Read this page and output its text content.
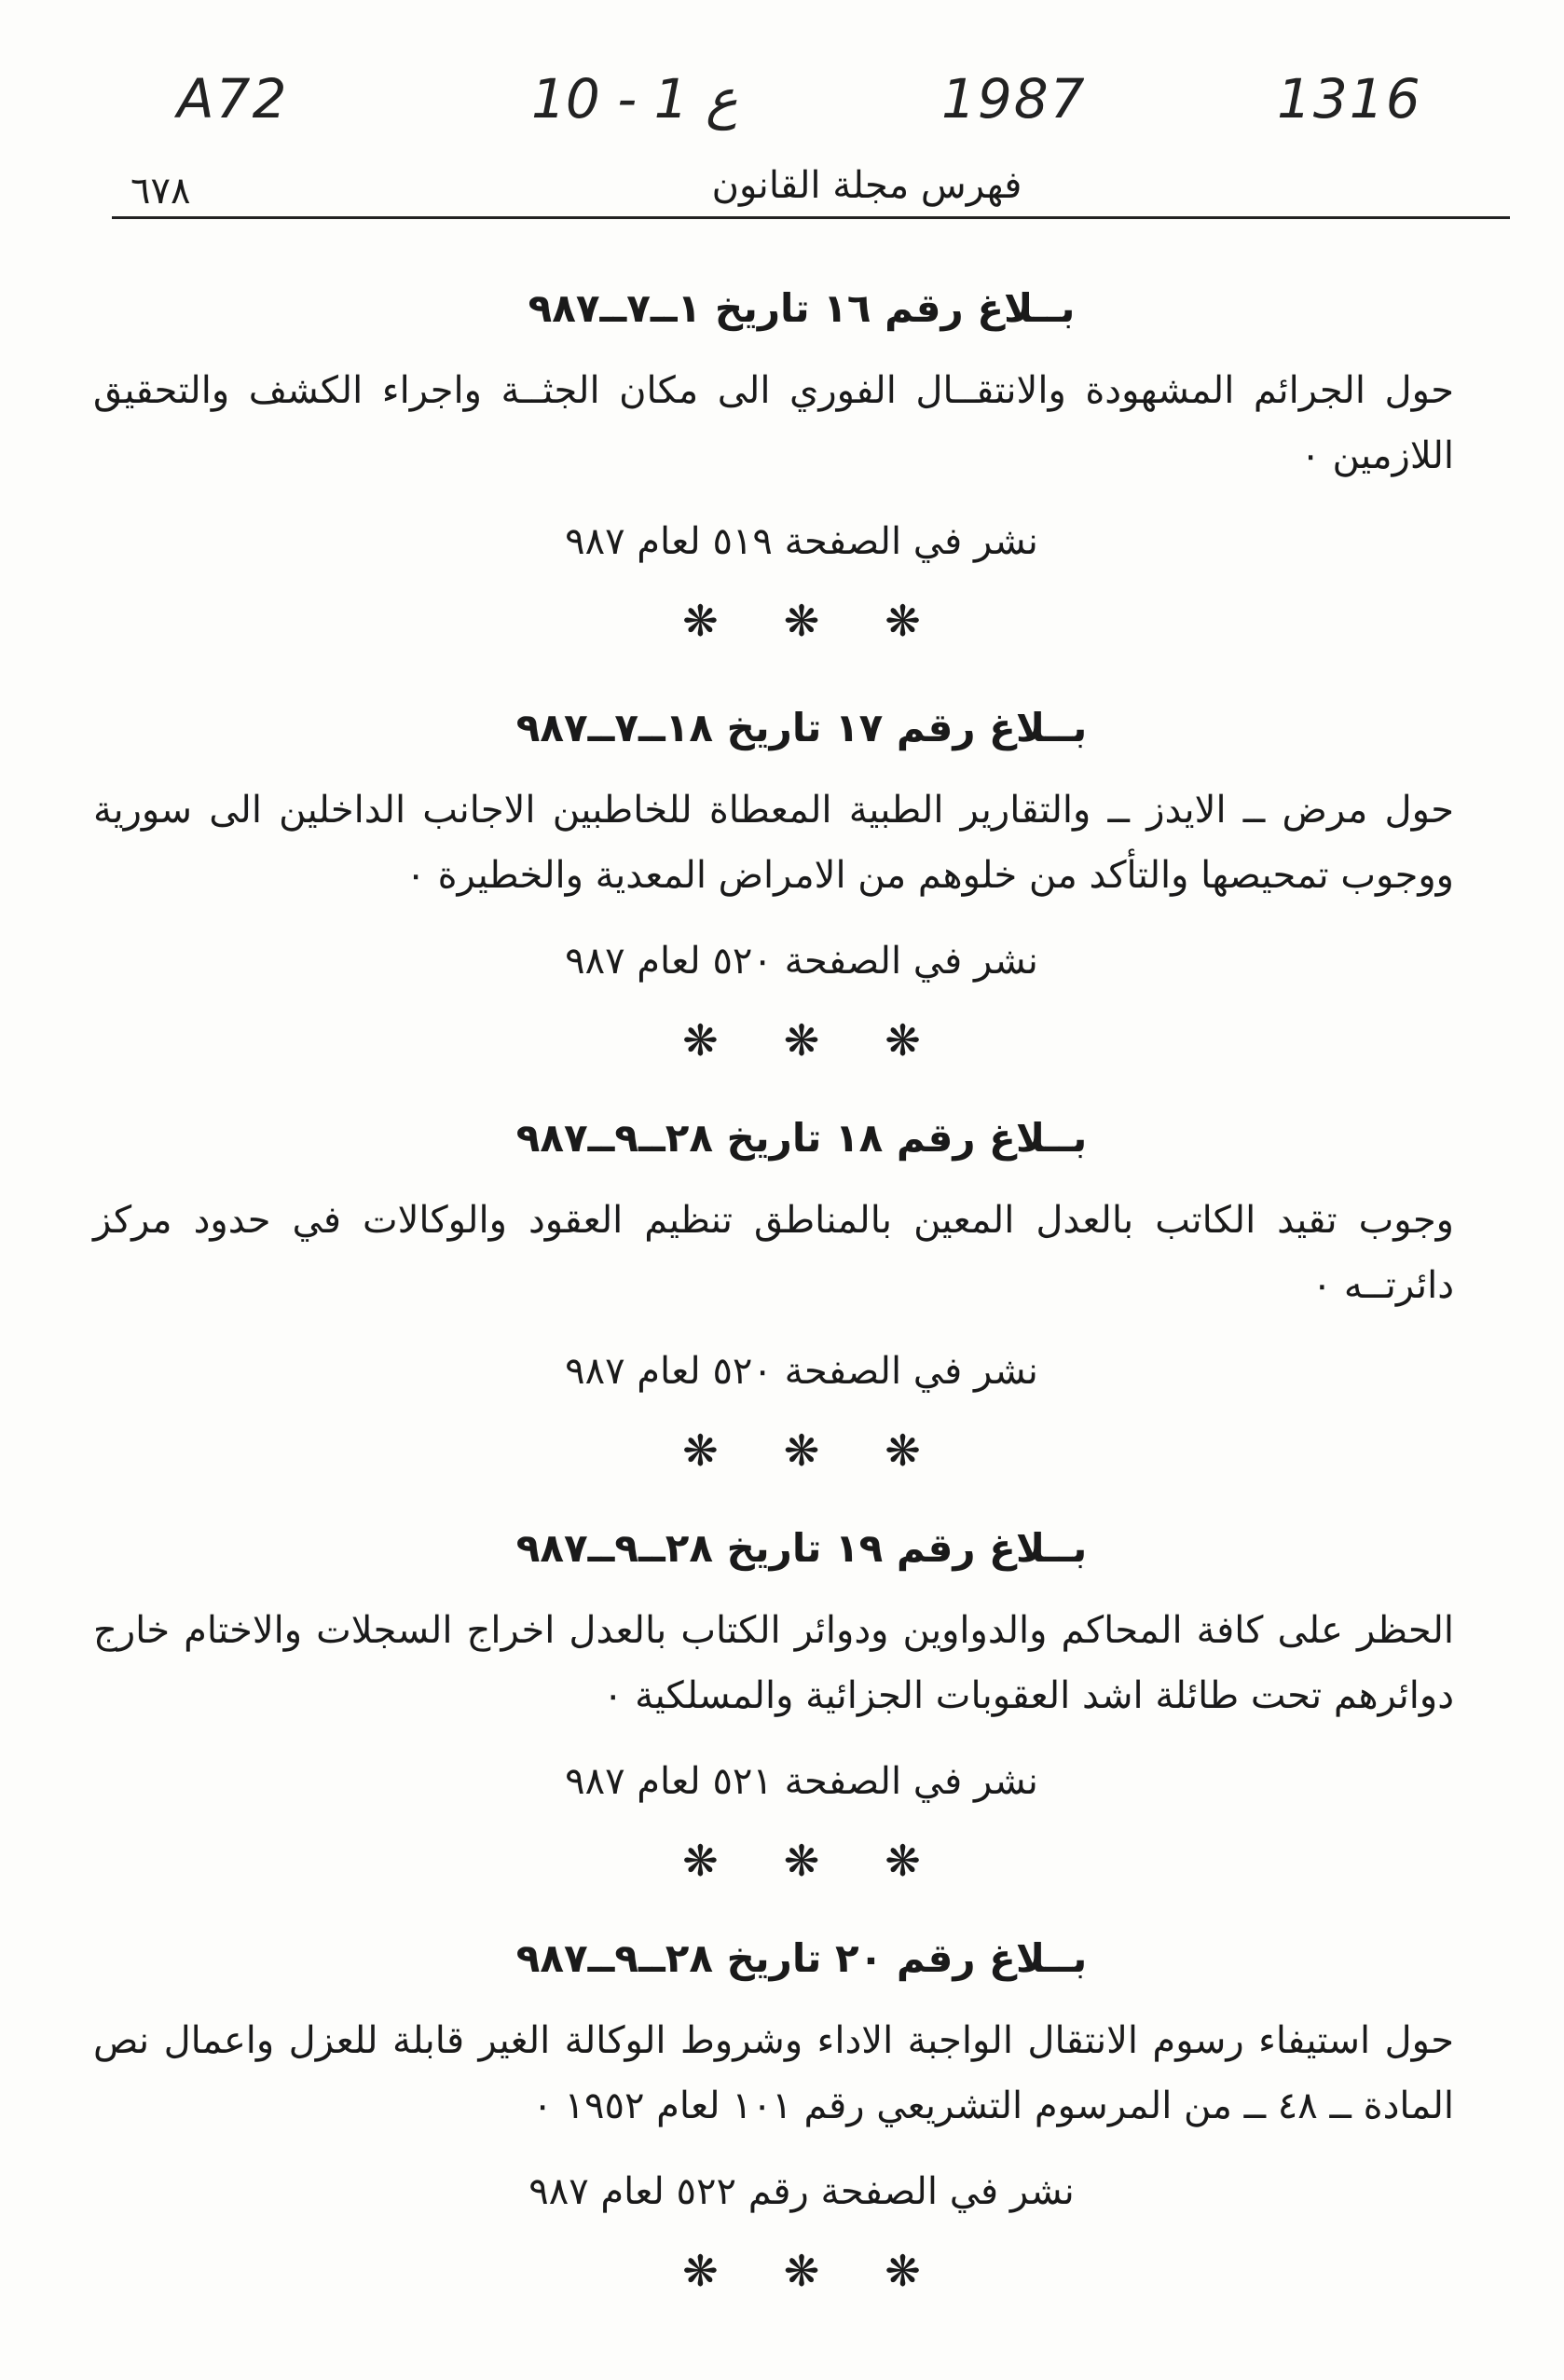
A72	10 - 1 ع	1987	1316
٦٧٨	فهرس مجلة القانون
بــلاغ رقم ١٦ تاريخ ١ــ٧ــ٩٨٧

حول الجرائم المشهودة والانتقــال الفوري الى مكان الجثــة واجراء الكشف والتحقيق اللازمين ٠

نشر في الصفحة ٥١٩ لعام ٩٨٧
❋❋❋
بــلاغ رقم ١٧ تاريخ ١٨ــ٧ــ٩٨٧

حول مرض ــ الايدز ــ والتقارير الطبية المعطاة للخاطبين الاجانب الداخلين الى سورية ووجوب تمحيصها والتأكد من خلوهم من الامراض المعدية والخطيرة ٠

نشر في الصفحة ٥٢٠ لعام ٩٨٧
❋❋❋
بــلاغ رقم ١٨ تاريخ ٢٨ــ٩ــ٩٨٧

وجوب تقيد الكاتب بالعدل المعين بالمناطق تنظيم العقود والوكالات في حدود مركز دائرتــه ٠

نشر في الصفحة ٥٢٠ لعام ٩٨٧
❋❋❋
بــلاغ رقم ١٩ تاريخ ٢٨ــ٩ــ٩٨٧

الحظر على كافة المحاكم والدواوين ودوائر الكتاب بالعدل اخراج السجلات والاختام خارج دوائرهم تحت طائلة اشد العقوبات الجزائية والمسلكية ٠

نشر في الصفحة ٥٢١ لعام ٩٨٧
❋❋❋
بــلاغ رقم ٢٠ تاريخ ٢٨ــ٩ــ٩٨٧

حول استيفاء رسوم الانتقال الواجبة الاداء وشروط الوكالة الغير قابلة للعزل واعمال نص المادة ــ ٤٨ ــ من المرسوم التشريعي رقم ١٠١ لعام ١٩٥٢ ٠

نشر في الصفحة رقم ٥٢٢ لعام ٩٨٧
❋❋❋
